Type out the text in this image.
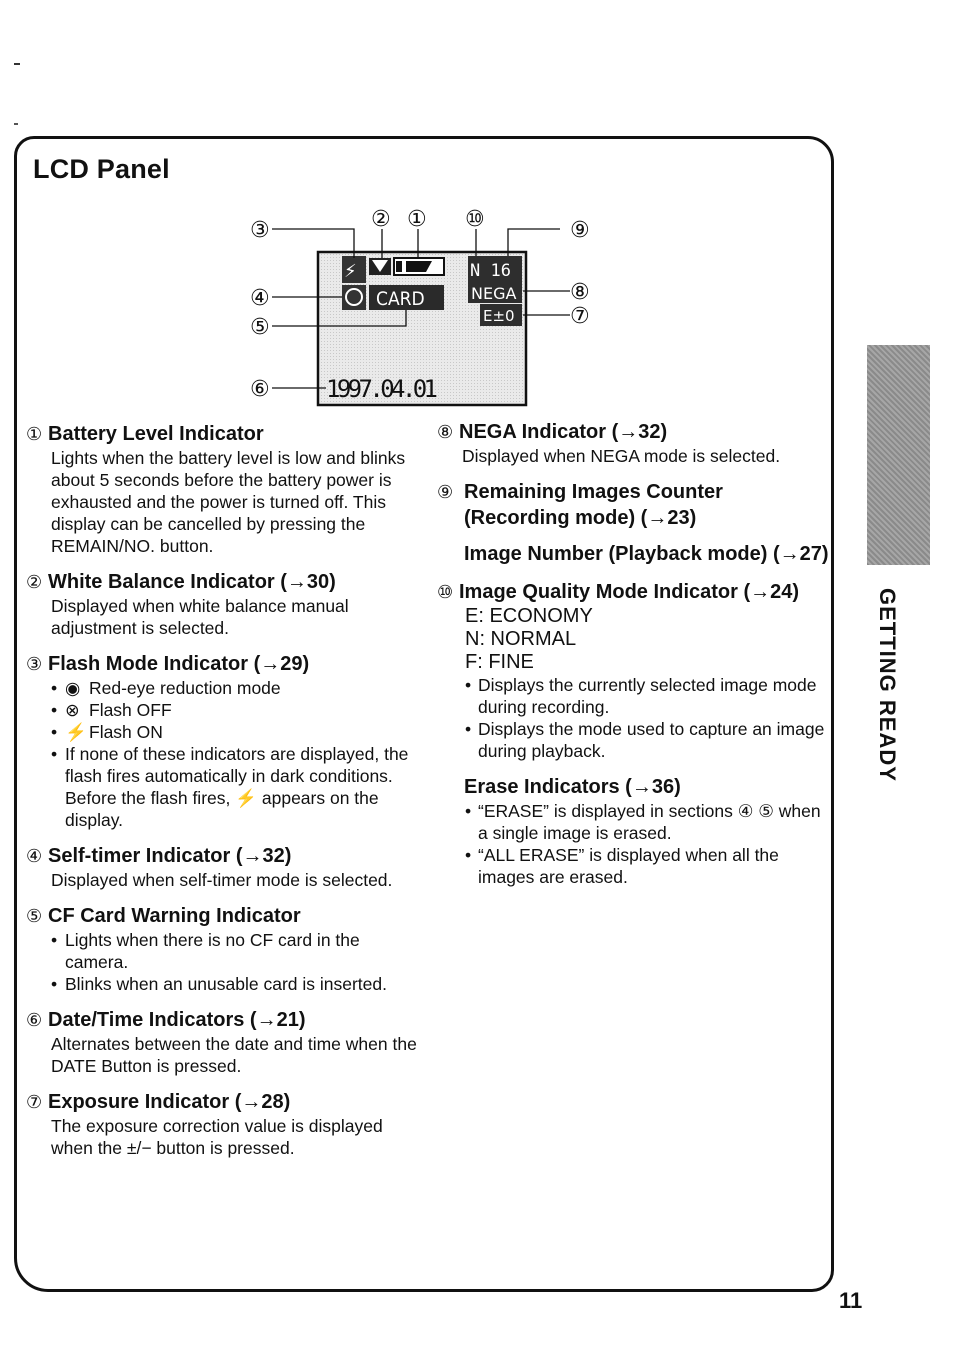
LCD Panel
⚡
CARD
N 16
NEGA
E±0
1997.04.01
③	② ① ⑩	⑨
④	⑧
⑤	⑦
⑥
① Battery Level Indicator
Lights when the battery level is low and blinks about 5 seconds before the battery power is exhausted and the power is turned off. This display can be cancelled by pressing the REMAIN/NO. button.
② White Balance Indicator (→30)
Displayed when white balance manual adjustment is selected.
③ Flash Mode Indicator (→29)
• ◉ Red-eye reduction mode
• ⊗ Flash OFF
• ⚡ Flash ON
• If none of these indicators are displayed, the flash fires automatically in dark conditions. Before the flash fires, ⚡ appears on the display.
④ Self-timer Indicator (→32)
Displayed when self-timer mode is selected.
⑤ CF Card Warning Indicator
• Lights when there is no CF card in the camera.
• Blinks when an unusable card is inserted.
⑥ Date/Time Indicators (→21)
Alternates between the date and time when the DATE Button is pressed.
⑦ Exposure Indicator (→28)
The exposure correction value is displayed when the ±/− button is pressed.
⑧ NEGA Indicator (→32)
Displayed when NEGA mode is selected.
⑨ Remaining Images Counter (Recording mode) (→23)
Image Number (Playback mode) (→27)
⑩ Image Quality Mode Indicator (→24)
E: ECONOMY
N: NORMAL
F: FINE
• Displays the currently selected image mode during recording.
• Displays the mode used to capture an image during playback.
Erase Indicators (→36)
• “ERASE” is displayed in sections ④ ⑤ when a single image is erased.
• “ALL ERASE” is displayed when all the images are erased.
GETTING READY
11
